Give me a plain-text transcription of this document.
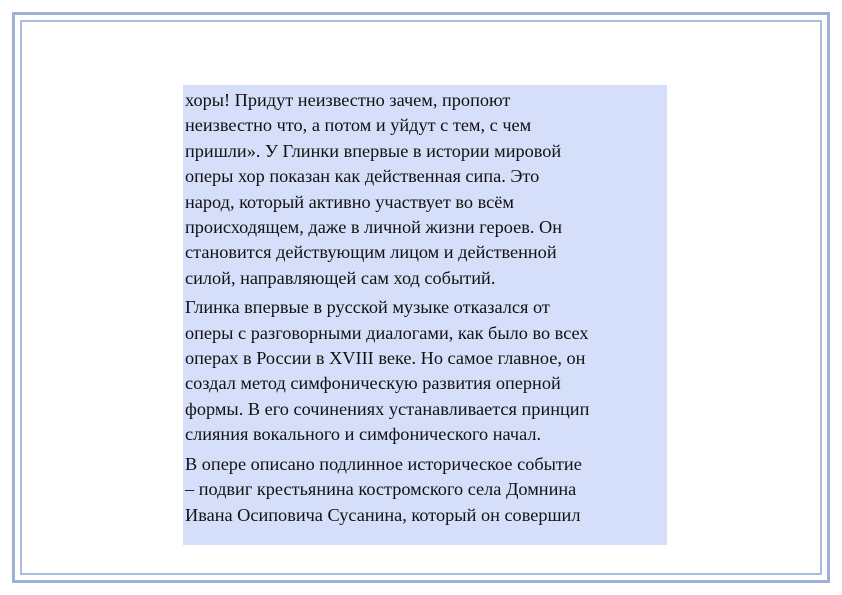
хоры! Придут неизвестно зачем, пропоют
неизвестно что, а потом и уйдут с тем, с чем
пришли». У Глинки впервые в истории мировой
оперы хор показан как действенная сипа. Это
народ, который активно участвует во всём
происходящем, даже в личной жизни героев. Он
становится действующим лицом и действенной
силой, направляющей сам ход событий.

Глинка впервые в русской музыке отказался от
оперы с разговорными диалогами, как было во всех
операх в России в XVIII веке. Но самое главное, он
создал метод симфоническую развития оперной
формы. В его сочинениях устанавливается принцип
слияния вокального и симфонического начал.

В опере описано подлинное историческое событие
– подвиг крестьянина костромского села Домнина
Ивана Осиповича Сусанина, который он совершил
